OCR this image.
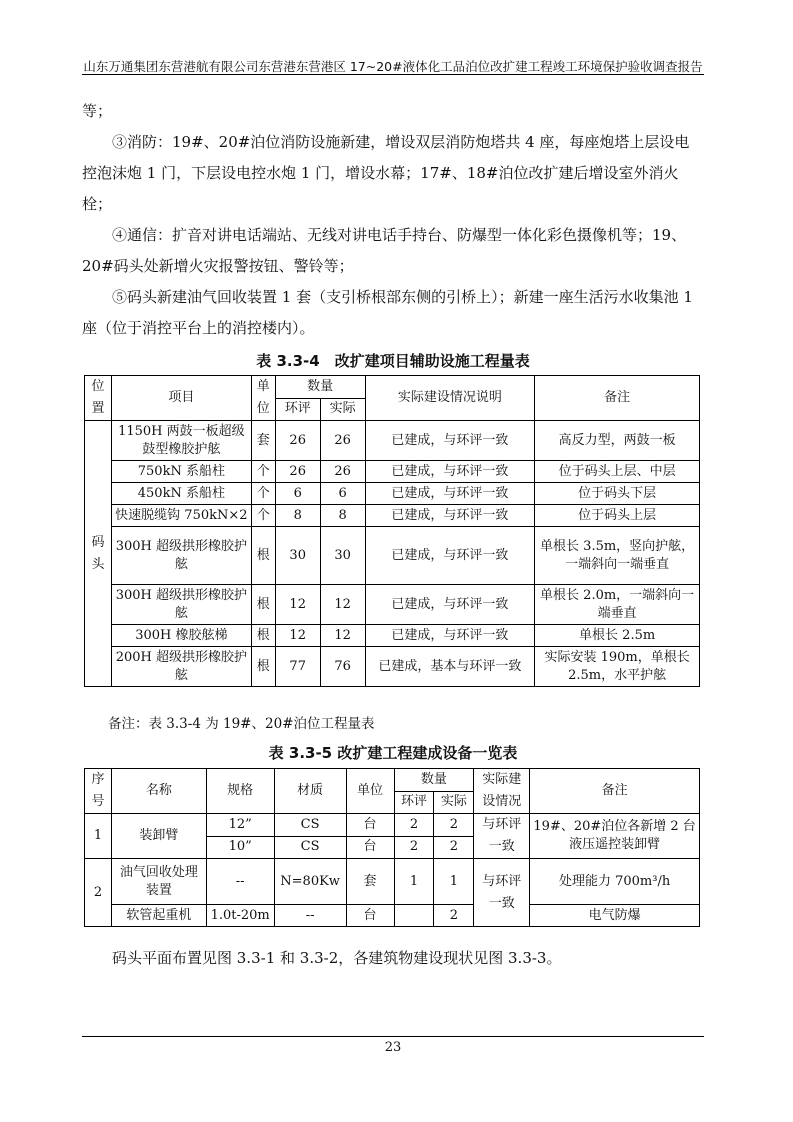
山东万通集团东营港航有限公司东营港东营港区 17~20#液体化工品泊位改扩建工程竣工环境保护验收调查报告

等；

③消防：19#、20#泊位消防设施新建，增设双层消防炮塔共 4 座，每座炮塔上层设电控泡沫炮 1 门，下层设电控水炮 1 门，增设水幕；17#、18#泊位改扩建后增设室外消火栓；

④通信：扩音对讲电话端站、无线对讲电话手持台、防爆型一体化彩色摄像机等；19、20#码头处新增火灾报警按钮、警铃等；

⑤码头新建油气回收装置 1 套（支引桥根部东侧的引桥上）；新建一座生活污水收集池 1 座（位于消控平台上的消控楼内）。

表 3.3-4　改扩建项目辅助设施工程量表
位置	项目	单位	数量		实际建设情况说明	备注
			环评	实际		
码头	1150H 两鼓一板超级鼓型橡胶护舷	套	26	26	已建成，与环评一致	高反力型，两鼓一板
	750kN 系船柱	个	26	26	已建成，与环评一致	位于码头上层、中层
	450kN 系船柱	个	6	6	已建成，与环评一致	位于码头下层
	快速脱缆钩 750kN×2	个	8	8	已建成，与环评一致	位于码头上层
	300H 超级拱形橡胶护舷	根	30	30	已建成，与环评一致	单根长 3.5m，竖向护舷，一端斜向一端垂直
	300H 超级拱形橡胶护舷	根	12	12	已建成，与环评一致	单根长 2.0m，一端斜向一端垂直
	300H 橡胶舷梯	根	12	12	已建成，与环评一致	单根长 2.5m
	200H 超级拱形橡胶护舷	根	77	76	已建成，基本与环评一致	实际安装 190m，单根长 2.5m，水平护舷
备注：表 3.3-4 为 19#、20#泊位工程量表
表 3.3-5 改扩建工程建成设备一览表
序号	名称	规格	材质	单位	数量		实际建设情况	备注
					环评	实际		
1	装卸臂	12”	CS	台	2	2	与环评一致	19#、20#泊位各新增 2 台液压遥控装卸臂
		10”	CS	台	2	2		
2	油气回收处理装置	--	N=80Kw	套	1	1	与环评一致	处理能力 700m³/h
	软管起重机	1.0t-20m	--	台		2		电气防爆

码头平面布置见图 3.3-1 和 3.3-2，各建筑物建设现状见图 3.3-3。

23
